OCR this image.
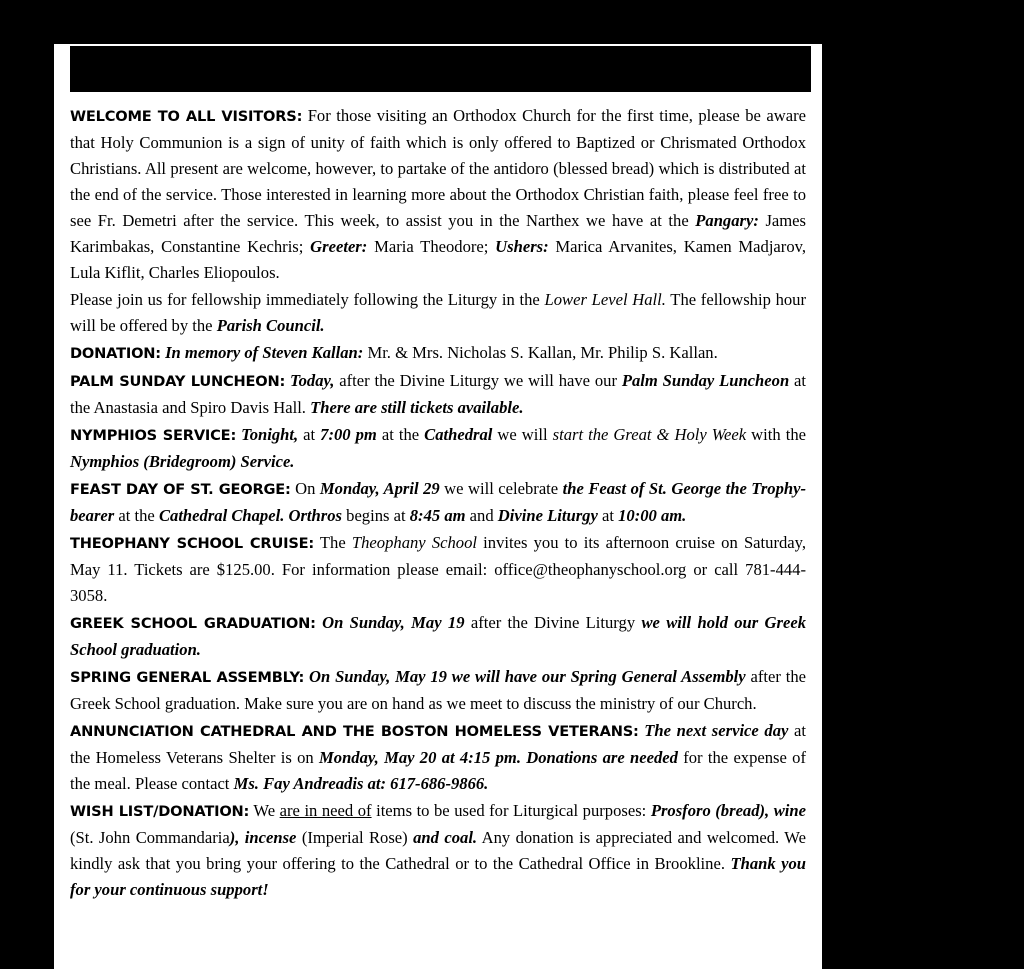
WELCOME TO ALL VISITORS: For those visiting an Orthodox Church for the first time, please be aware that Holy Communion is a sign of unity of faith which is only offered to Baptized or Chrismated Orthodox Christians. All present are welcome, however, to partake of the antidoro (blessed bread) which is distributed at the end of the service. Those interested in learning more about the Orthodox Christian faith, please feel free to see Fr. Demetri after the service. This week, to assist you in the Narthex we have at the Pangary: James Karimbakas, Constantine Kechris; Greeter: Maria Theodore; Ushers: Marica Arvanites, Kamen Madjarov, Lula Kiflit, Charles Eliopoulos.

Please join us for fellowship immediately following the Liturgy in the Lower Level Hall. The fellowship hour will be offered by the Parish Council.

DONATION: In memory of Steven Kallan: Mr. & Mrs. Nicholas S. Kallan, Mr. Philip S. Kallan.

PALM SUNDAY LUNCHEON: Today, after the Divine Liturgy we will have our Palm Sunday Luncheon at the Anastasia and Spiro Davis Hall. There are still tickets available.

NYMPHIOS SERVICE: Tonight, at 7:00 pm at the Cathedral we will start the Great & Holy Week with the Nymphios (Bridegroom) Service.

FEAST DAY OF ST. GEORGE: On Monday, April 29 we will celebrate the Feast of St. George the Trophy-bearer at the Cathedral Chapel. Orthros begins at 8:45 am and Divine Liturgy at 10:00 am.

THEOPHANY SCHOOL CRUISE: The Theophany School invites you to its afternoon cruise on Saturday, May 11. Tickets are $125.00. For information please email: office@theophanyschool.org or call 781-444-3058.

GREEK SCHOOL GRADUATION: On Sunday, May 19 after the Divine Liturgy we will hold our Greek School graduation.

SPRING GENERAL ASSEMBLY: On Sunday, May 19 we will have our Spring General Assembly after the Greek School graduation. Make sure you are on hand as we meet to discuss the ministry of our Church.

ANNUNCIATION CATHEDRAL AND THE BOSTON HOMELESS VETERANS: The next service day at the Homeless Veterans Shelter is on Monday, May 20 at 4:15 pm. Donations are needed for the expense of the meal. Please contact Ms. Fay Andreadis at: 617-686-9866.

WISH LIST/DONATION: We are in need of items to be used for Liturgical purposes: Prosforo (bread), wine (St. John Commandaria), incense (Imperial Rose) and coal. Any donation is appreciated and welcomed. We kindly ask that you bring your offering to the Cathedral or to the Cathedral Office in Brookline. Thank you for your continuous support!
